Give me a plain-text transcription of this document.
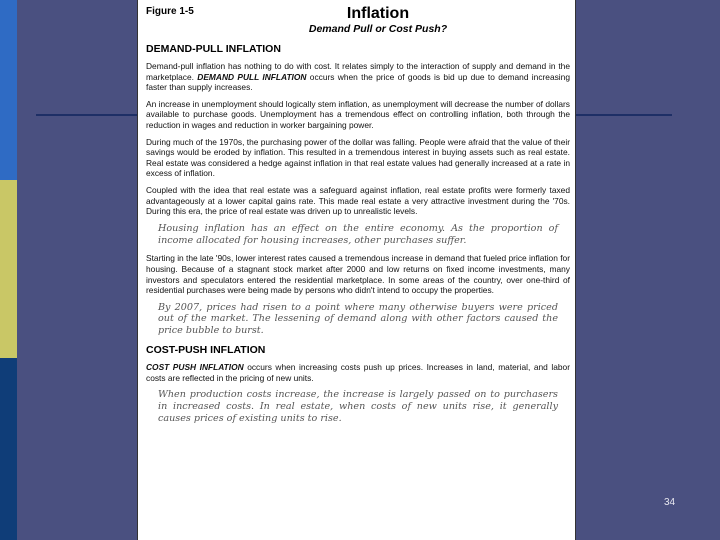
Figure 1-5	Inflation
Demand Pull or Cost Push?
DEMAND-PULL INFLATION

Demand-pull inflation has nothing to do with cost. It relates simply to the interaction of supply and demand in the marketplace. DEMAND PULL INFLATION occurs when the price of goods is bid up due to demand increasing faster than supply increases.

An increase in unemployment should logically stem inflation, as unemployment will decrease the number of dollars available to purchase goods. Unemployment has a tremendous effect on controlling inflation, both through the reduction in wages and reduction in worker bargaining power.

During much of the 1970s, the purchasing power of the dollar was falling. People were afraid that the value of their savings would be eroded by inflation. This resulted in a tremendous interest in buying assets such as real estate. Real estate was considered a hedge against inflation in that real estate values had generally increased at a rate in excess of inflation.

Coupled with the idea that real estate was a safeguard against inflation, real estate profits were formerly taxed advantageously at a lower capital gains rate. This made real estate a very attractive investment during the '70s. During this era, the price of real estate was driven up to unrealistic levels.

Housing inflation has an effect on the entire economy. As the proportion of income allocated for housing increases, other purchases suffer.

Starting in the late '90s, lower interest rates caused a tremendous increase in demand that fueled price inflation for housing. Because of a stagnant stock market after 2000 and low returns on fixed income investments, many investors and speculators entered the residential marketplace. In some areas of the country, over one-third of residential purchases were being made by persons who didn't intend to occupy the properties.

By 2007, prices had risen to a point where many otherwise buyers were priced out of the market. The lessening of demand along with other factors caused the price bubble to burst.
COST-PUSH INFLATION

COST PUSH INFLATION occurs when increasing costs push up prices. Increases in land, material, and labor costs are reflected in the pricing of new units.

When production costs increase, the increase is largely passed on to purchasers in increased costs. In real estate, when costs of new units rise, it generally causes prices of existing units to rise.
34
